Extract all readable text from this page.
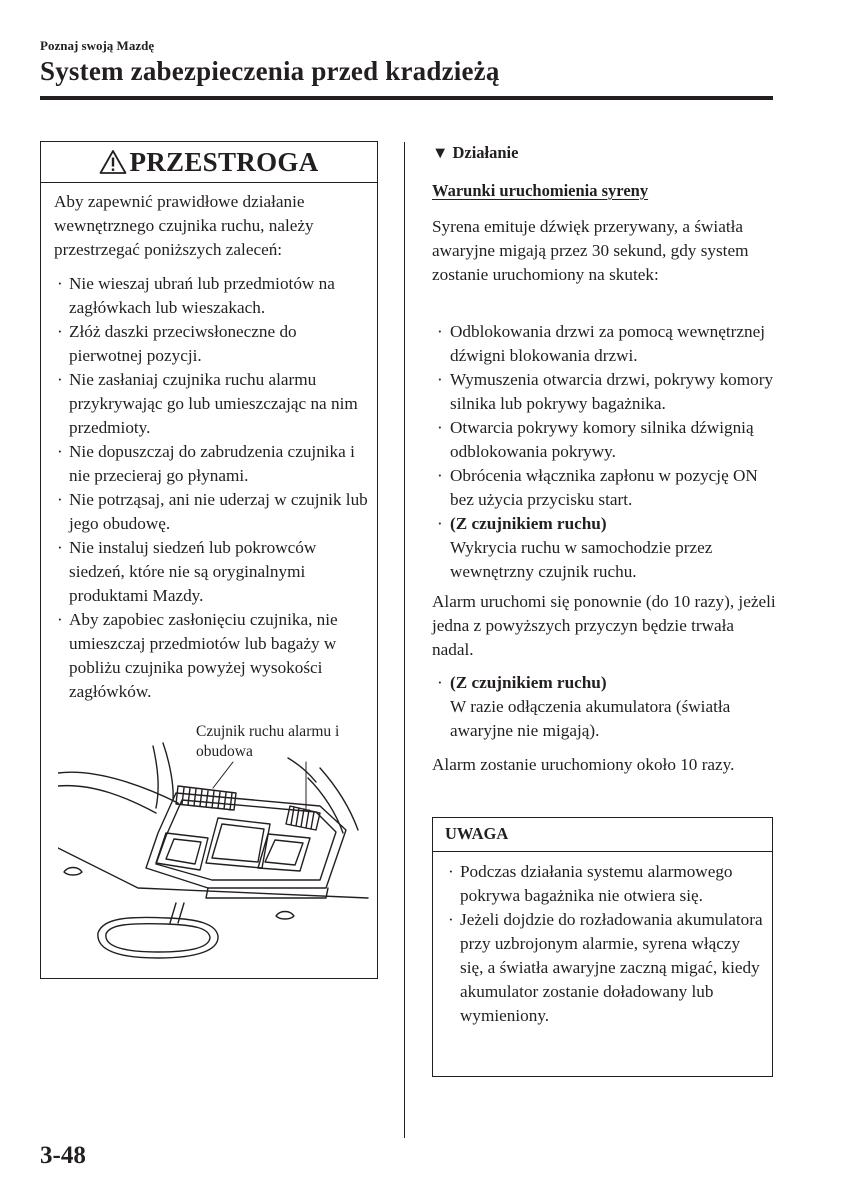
Poznaj swoją Mazdę
System zabezpieczenia przed kradzieżą
PRZESTROGA

Aby zapewnić prawidłowe działanie wewnętrznego czujnika ruchu, należy przestrzegać poniższych zaleceń:

· Nie wieszaj ubrań lub przedmiotów na zagłówkach lub wieszakach.
· Złóż daszki przeciwsłoneczne do pierwotnej pozycji.
· Nie zasłaniaj czujnika ruchu alarmu przykrywając go lub umieszczając na nim przedmioty.
· Nie dopuszczaj do zabrudzenia czujnika i nie przecieraj go płynami.
· Nie potrząsaj, ani nie uderzaj w czujnik lub jego obudowę.
· Nie instaluj siedzeń lub pokrowców siedzeń, które nie są oryginalnymi produktami Mazdy.
· Aby zapobiec zasłonięciu czujnika, nie umieszczaj przedmiotów lub bagaży w pobliżu czujnika powyżej wysokości zagłówków.
Czujnik ruchu alarmu i obudowa
▼ Działanie
Warunki uruchomienia syreny

Syrena emituje dźwięk przerywany, a światła awaryjne migają przez 30 sekund, gdy system zostanie uruchomiony na skutek:

· Odblokowania drzwi za pomocą wewnętrznej dźwigni blokowania drzwi.
· Wymuszenia otwarcia drzwi, pokrywy komory silnika lub pokrywy bagażnika.
· Otwarcia pokrywy komory silnika dźwignią odblokowania pokrywy.
· Obrócenia włącznika zapłonu w pozycję ON bez użycia przycisku start.
· (Z czujnikiem ruchu)
Wykrycia ruchu w samochodzie przez wewnętrzny czujnik ruchu.

Alarm uruchomi się ponownie (do 10 razy), jeżeli jedna z powyższych przyczyn będzie trwała nadal.

· (Z czujnikiem ruchu)
W razie odłączenia akumulatora (światła awaryjne nie migają).

Alarm zostanie uruchomiony około 10 razy.

UWAGA
· Podczas działania systemu alarmowego pokrywa bagażnika nie otwiera się.
· Jeżeli dojdzie do rozładowania akumulatora przy uzbrojonym alarmie, syrena włączy się, a światła awaryjne zaczną migać, kiedy akumulator zostanie doładowany lub wymieniony.
3-48
